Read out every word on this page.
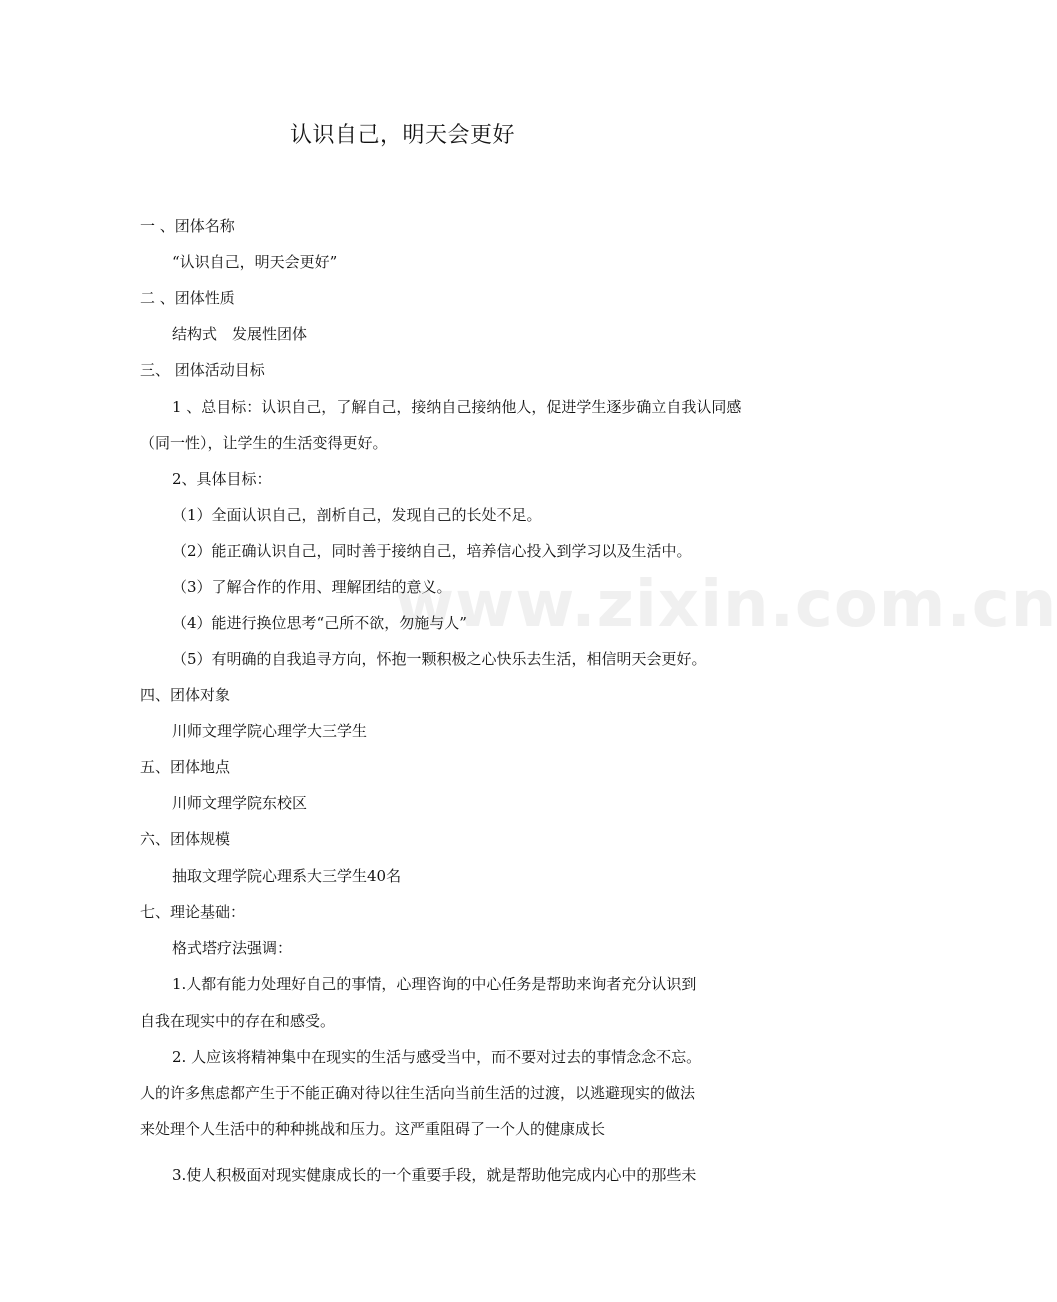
www.zixin.com.cn
认识自己，明天会更好
一 、团体名称
“认识自己，明天会更好”
二 、团体性质
结构式　发展性团体
三、 团体活动目标
1 、总目标：认识自己，了解自己，接纳自己接纳他人，促进学生逐步确立自我认同感
（同一性），让学生的生活变得更好。
2、具体目标：
（1）全面认识自己，剖析自己，发现自己的长处不足。
（2）能正确认识自己，同时善于接纳自己，培养信心投入到学习以及生活中。
（3）了解合作的作用、理解团结的意义。
（4）能进行换位思考“己所不欲，勿施与人”
（5）有明确的自我追寻方向，怀抱一颗积极之心快乐去生活，相信明天会更好。
四、团体对象
川师文理学院心理学大三学生
五、团体地点
川师文理学院东校区
六、团体规模
抽取文理学院心理系大三学生40名
七、理论基础：
格式塔疗法强调：
1.人都有能力处理好自己的事情，心理咨询的中心任务是帮助来询者充分认识到
自我在现实中的存在和感受。
2. 人应该将精神集中在现实的生活与感受当中，而不要对过去的事情念念不忘。
人的许多焦虑都产生于不能正确对待以往生活向当前生活的过渡，以逃避现实的做法
来处理个人生活中的种种挑战和压力。这严重阻碍了一个人的健康成长
3.使人积极面对现实健康成长的一个重要手段，就是帮助他完成内心中的那些未
